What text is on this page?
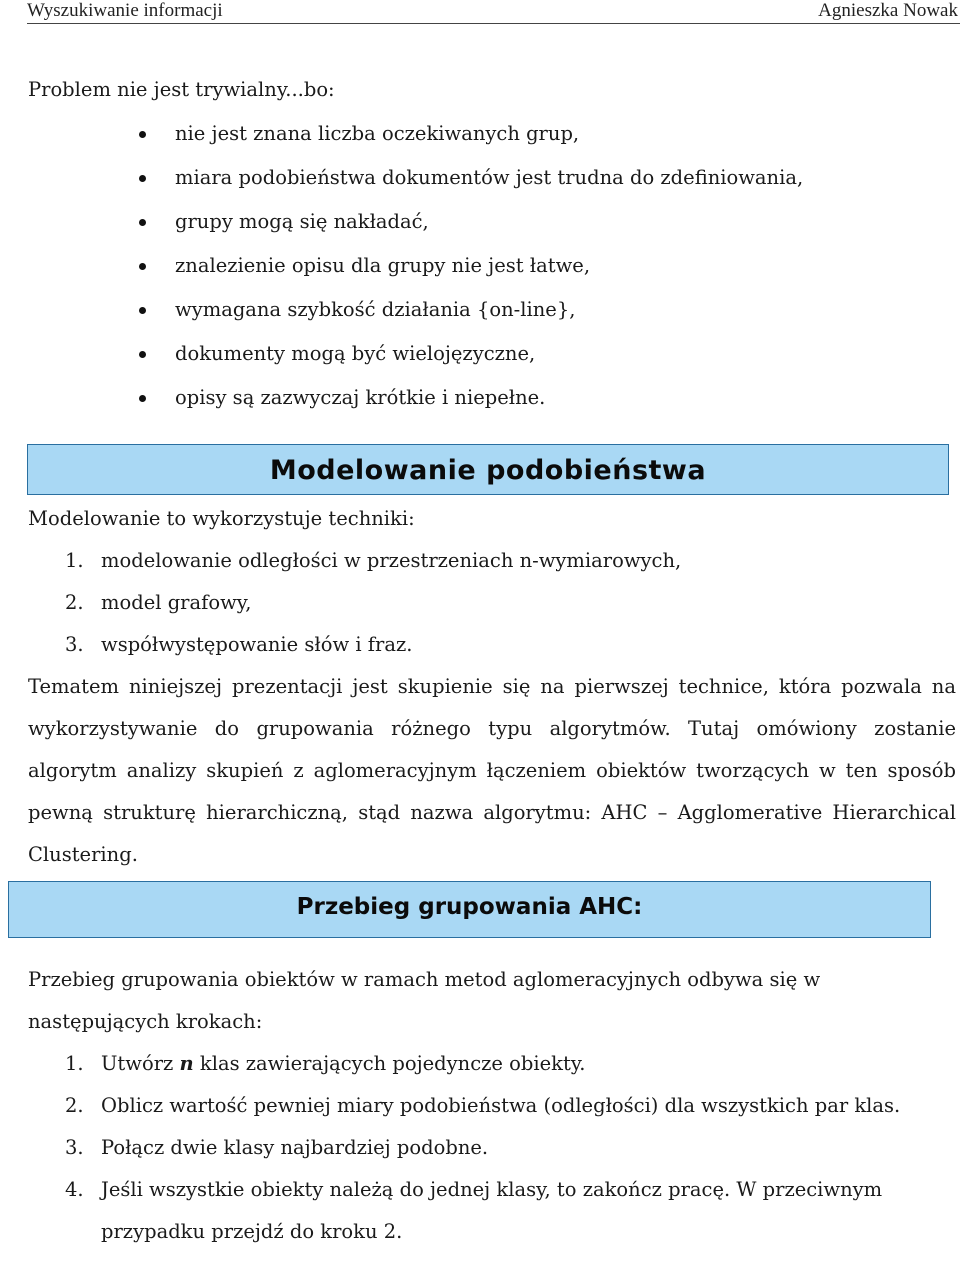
Wyszukiwanie informacji	Agnieszka Nowak

Problem nie jest trywialny...bo:

nie jest znana liczba oczekiwanych grup,
miara podobieństwa dokumentów jest trudna do zdefiniowania,
grupy mogą się nakładać,
znalezienie opisu dla grupy nie jest łatwe,
wymagana szybkość działania {on-line},
dokumenty mogą być wielojęzyczne,
opisy są zazwyczaj krótkie i niepełne.
Modelowanie podobieństwa

Modelowanie to wykorzystuje techniki:

1. modelowanie odległości w przestrzeniach n-wymiarowych,
2. model grafowy,
3. współwystępowanie słów i fraz.

Tematem niniejszej prezentacji jest skupienie się na pierwszej technice, która pozwala na wykorzystywanie do grupowania różnego typu algorytmów. Tutaj omówiony zostanie algorytm analizy skupień z aglomeracyjnym łączeniem obiektów tworzących w ten sposób pewną strukturę hierarchiczną, stąd nazwa algorytmu: AHC – Agglomerative Hierarchical Clustering.

Przebieg grupowania AHC:

Przebieg grupowania obiektów w ramach metod aglomeracyjnych odbywa się w następujących krokach:

1. Utwórz n klas zawierających pojedyncze obiekty.
2. Oblicz wartość pewniej miary podobieństwa (odległości) dla wszystkich par klas.
3. Połącz dwie klasy najbardziej podobne.
4. Jeśli wszystkie obiekty należą do jednej klasy, to zakończ pracę. W przeciwnym przypadku przejdź do kroku 2.
